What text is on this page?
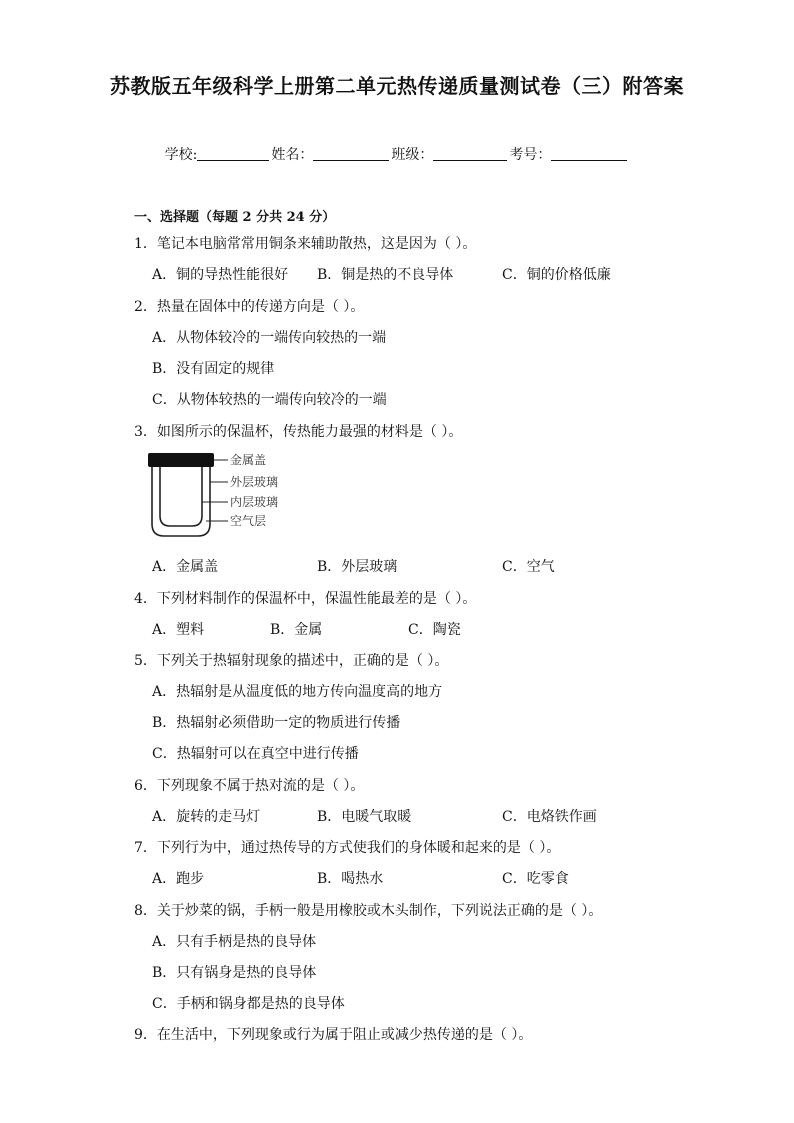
苏教版五年级科学上册第二单元热传递质量测试卷（三）附答案
学校:	姓名：	班级：	考号：
一、选择题（每题 2 分共 24 分）
1．笔记本电脑常常用铜条来辅助散热，这是因为（ ）。
A．铜的导热性能很好 B．铜是热的不良导体	C．铜的价格低廉
2．热量在固体中的传递方向是（ ）。
A．从物体较冷的一端传向较热的一端
B．没有固定的规律
C．从物体较热的一端传向较冷的一端
3．如图所示的保温杯，传热能力最强的材料是（ ）。
金属盖
外层玻璃
内层玻璃
空气层
A．金属盖	B．外层玻璃	C．空气
4．下列材料制作的保温杯中，保温性能最差的是（ ）。
A．塑料	B．金属	C．陶瓷
5．下列关于热辐射现象的描述中，正确的是（ ）。
A．热辐射是从温度低的地方传向温度高的地方
B．热辐射必须借助一定的物质进行传播
C．热辐射可以在真空中进行传播
6．下列现象不属于热对流的是（ ）。
A．旋转的走马灯	B．电暖气取暖	C．电烙铁作画
7．下列行为中，通过热传导的方式使我们的身体暖和起来的是（ ）。
A．跑步	B．喝热水	C．吃零食
8．关于炒菜的锅，手柄一般是用橡胶或木头制作，下列说法正确的是（ ）。
A．只有手柄是热的良导体
B．只有锅身是热的良导体
C．手柄和锅身都是热的良导体
9．在生活中，下列现象或行为属于阻止或减少热传递的是（ ）。
